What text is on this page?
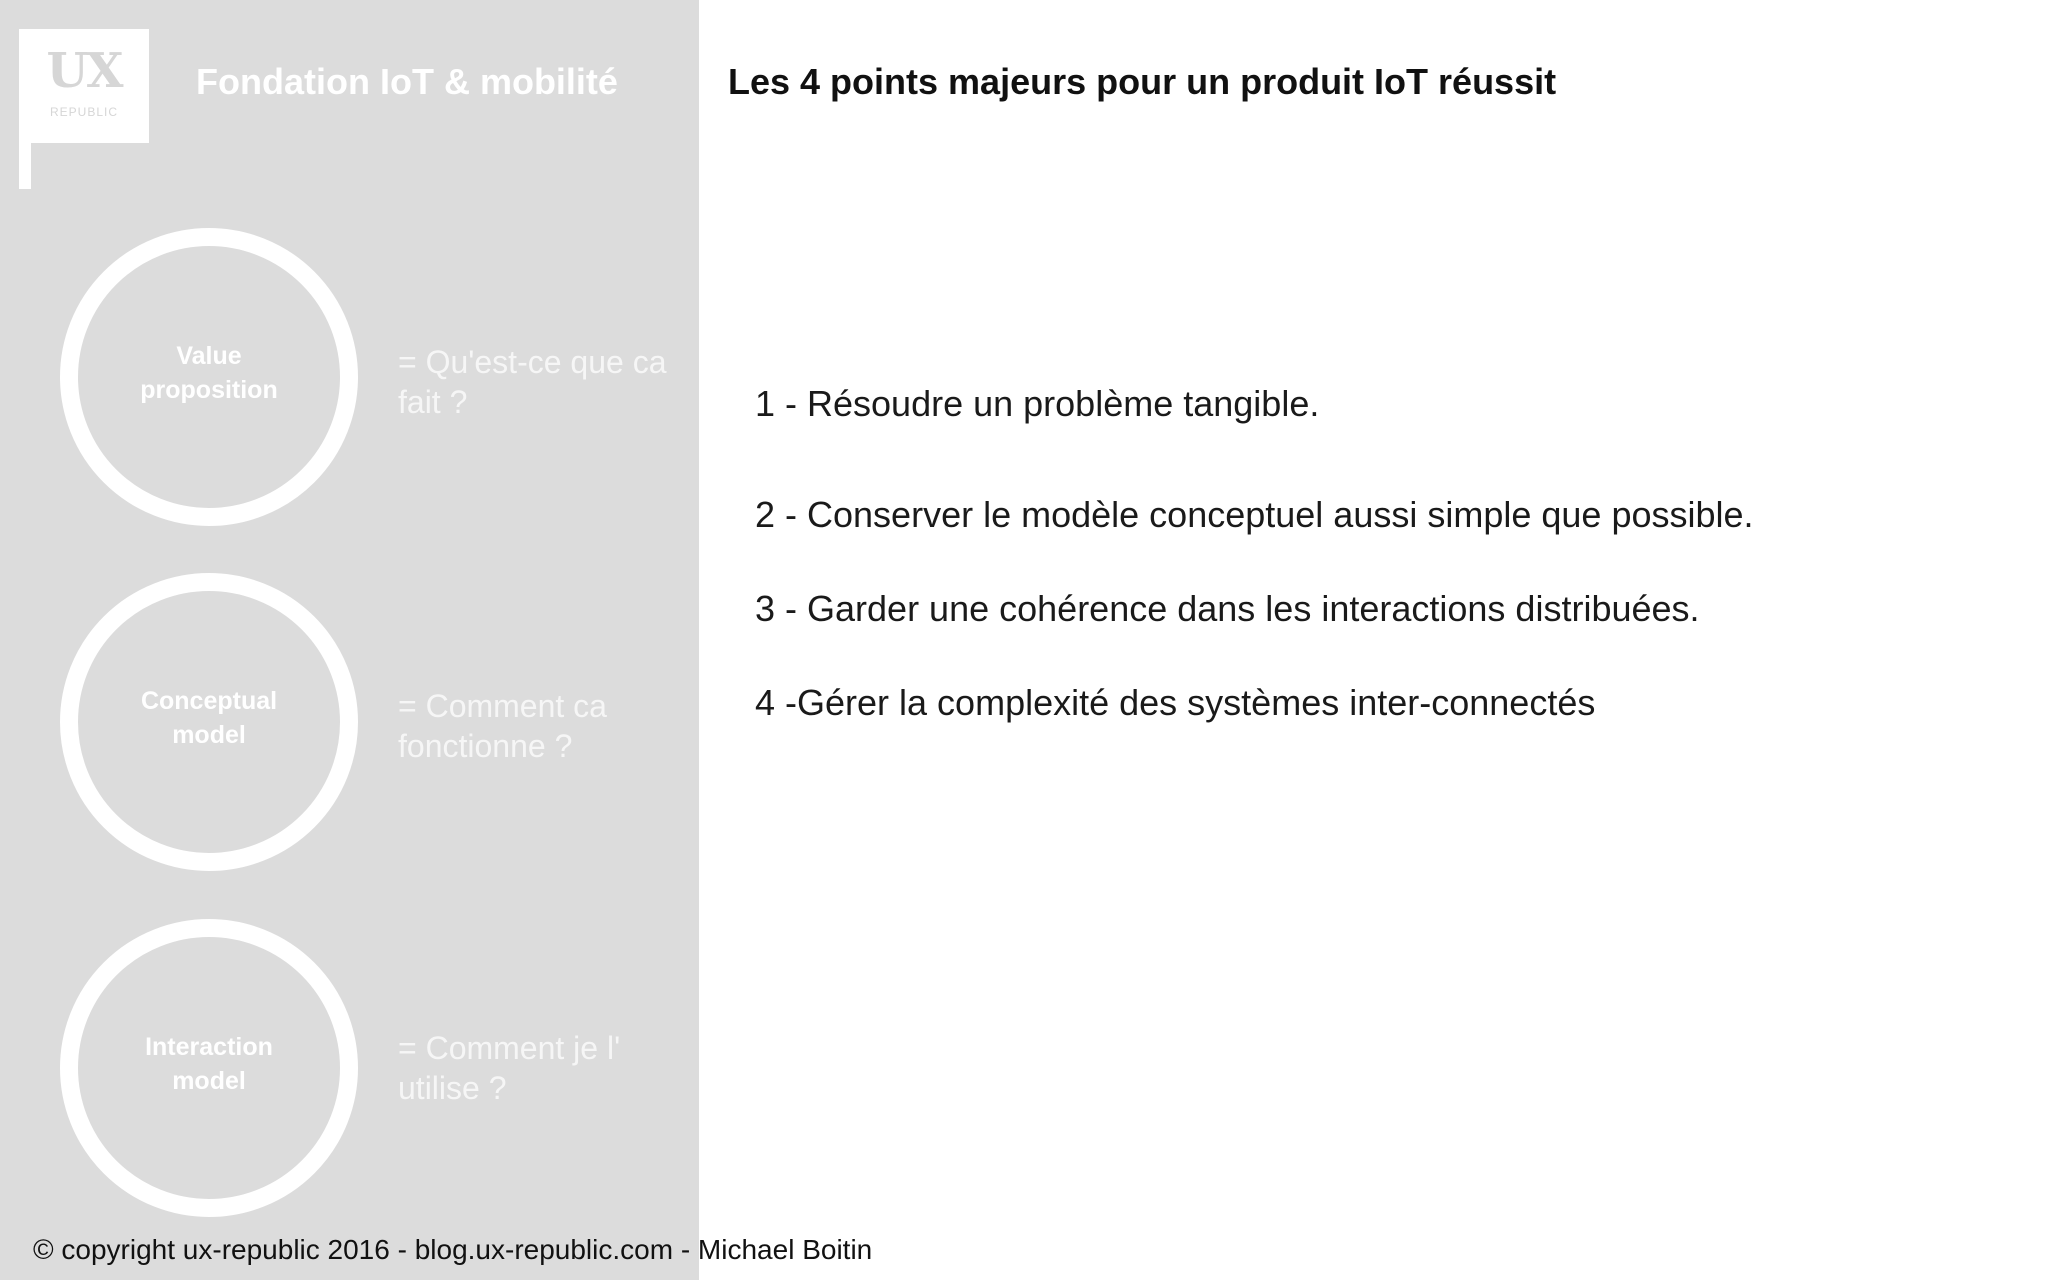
UX
REPUBLIC
Fondation IoT & mobilité
Value
proposition
= Qu'est-ce que ca fait ?
Conceptual
model
= Comment ca fonctionne ?
Interaction
model
= Comment je l' utilise ?
Les 4 points majeurs pour un produit IoT réussit
1 - Résoudre un problème tangible.
2 - Conserver le modèle conceptuel aussi simple que possible.
3 - Garder une cohérence dans les interactions distribuées.
4 -Gérer la complexité des systèmes inter-connectés
© copyright ux-republic 2016 - blog.ux-republic.com - Michael Boitin
